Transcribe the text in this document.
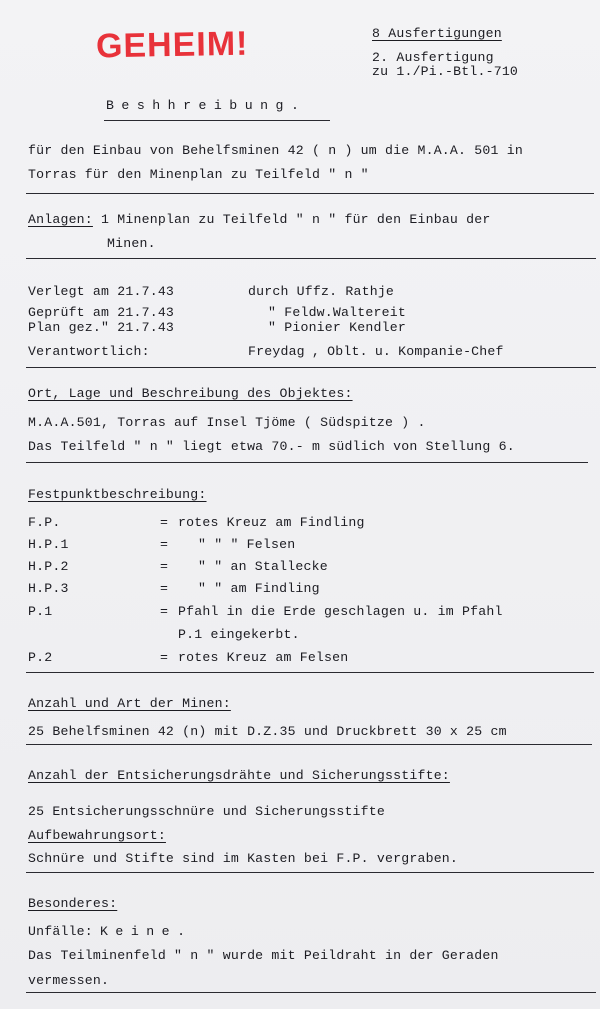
GEHEIM!	8 Ausfertigungen
2. Ausfertigung
zu 1./Pi.-Btl.-710
Beshhreibung.
für den Einbau von Behelfsminen 42 ( n ) um die M.A.A. 501 in
Torras für den Minenplan zu Teilfeld " n "
Anlagen: 1 Minenplan zu Teilfeld " n " für den Einbau der
Minen.
Verlegt am 21.7.43	durch Uffz. Rathje
Geprüft am 21.7.43	" Feldw.Waltereit
Plan gez." 21.7.43	" Pionier Kendler
Verantwortlich:	Freydag , Oblt. u. Kompanie-Chef
Ort, Lage und Beschreibung des Objektes:
M.A.A.501, Torras auf Insel Tjöme ( Südspitze ) .
Das Teilfeld " n " liegt etwa 70.- m südlich von Stellung 6.
Festpunktbeschreibung:
F.P.	= rotes Kreuz am Findling
H.P.1	= " " " Felsen
H.P.2	= " " an Stallecke
H.P.3	= " " am Findling
P.1	= Pfahl in die Erde geschlagen u. im Pfahl
P.1 eingekerbt.
P.2	= rotes Kreuz am Felsen
Anzahl und Art der Minen:
25 Behelfsminen 42 (n) mit D.Z.35 und Druckbrett 30 x 25 cm
Anzahl der Entsicherungsdrähte und Sicherungsstifte:
25 Entsicherungsschnüre und Sicherungsstifte
Aufbewahrungsort:
Schnüre und Stifte sind im Kasten bei F.P. vergraben.
Besonderes:
Unfälle: Keine.
Das Teilminenfeld " n " wurde mit Peildraht in der Geraden
vermessen.
